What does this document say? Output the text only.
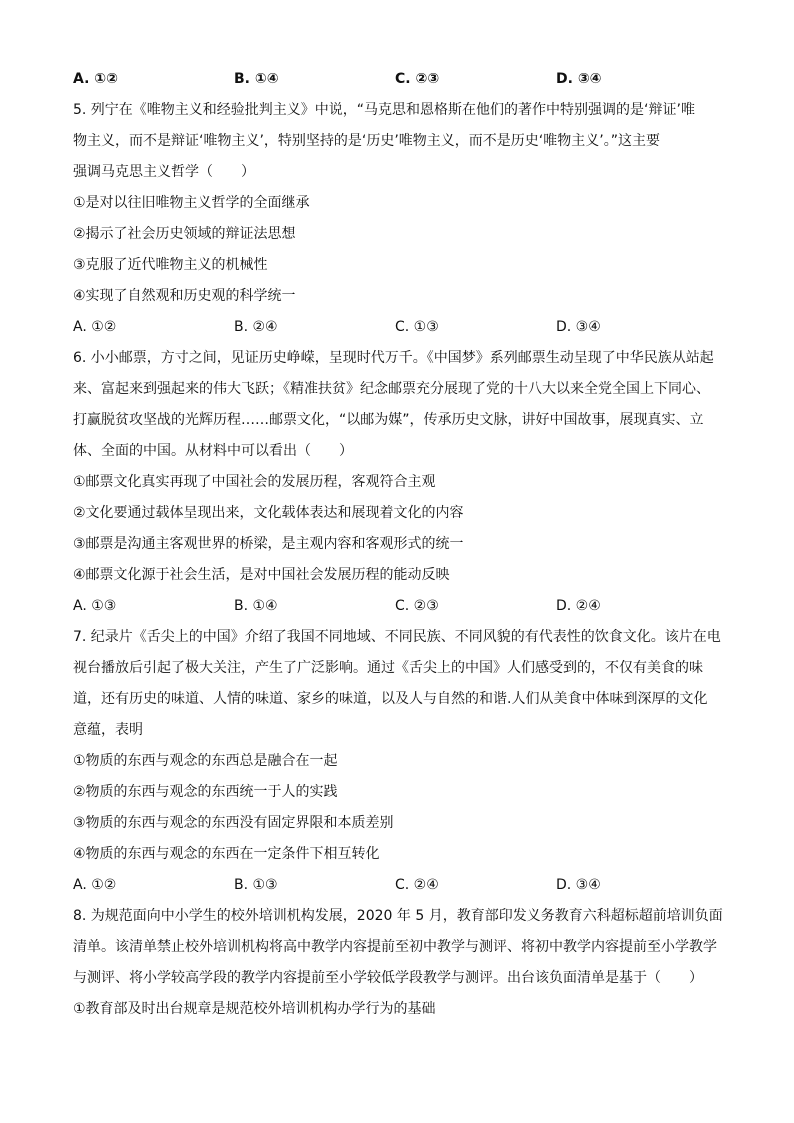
A. ①②	B. ①④	C. ②③	D. ③④
5. 列宁在《唯物主义和经验批判主义》中说，“马克思和恩格斯在他们的著作中特别强调的是‘辩证’唯
物主义，而不是辩证‘唯物主义’，特别坚持的是‘历史’唯物主义，而不是历史‘唯物主义’。”这主要
强调马克思主义哲学（　　）
①是对以往旧唯物主义哲学的全面继承
②揭示了社会历史领域的辩证法思想
③克服了近代唯物主义的机械性
④实现了自然观和历史观的科学统一
A. ①②	B. ②④	C. ①③	D. ③④
6. 小小邮票，方寸之间，见证历史峥嵘，呈现时代万千。《中国梦》系列邮票生动呈现了中华民族从站起
来、富起来到强起来的伟大飞跃；《精准扶贫》纪念邮票充分展现了党的十八大以来全党全国上下同心、
打赢脱贫攻坚战的光辉历程……邮票文化，“以邮为媒”，传承历史文脉，讲好中国故事，展现真实、立
体、全面的中国。从材料中可以看出（　　）
①邮票文化真实再现了中国社会的发展历程，客观符合主观
②文化要通过载体呈现出来，文化载体表达和展现着文化的内容
③邮票是沟通主客观世界的桥梁，是主观内容和客观形式的统一
④邮票文化源于社会生活，是对中国社会发展历程的能动反映
A. ①③	B. ①④	C. ②③	D. ②④
7. 纪录片《舌尖上的中国》介绍了我国不同地域、不同民族、不同风貌的有代表性的饮食文化。该片在电
视台播放后引起了极大关注，产生了广泛影响。通过《舌尖上的中国》人们感受到的，不仅有美食的味
道，还有历史的味道、人情的味道、家乡的味道，以及人与自然的和谐.人们从美食中体味到深厚的文化
意蕴，表明
①物质的东西与观念的东西总是融合在一起
②物质的东西与观念的东西统一于人的实践
③物质的东西与观念的东西没有固定界限和本质差别
④物质的东西与观念的东西在一定条件下相互转化
A. ①②	B. ①③	C. ②④	D. ③④
8. 为规范面向中小学生的校外培训机构发展，2020 年 5 月，教育部印发义务教育六科超标超前培训负面
清单。该清单禁止校外培训机构将高中教学内容提前至初中教学与测评、将初中教学内容提前至小学教学
与测评、将小学较高学段的教学内容提前至小学较低学段教学与测评。出台该负面清单是基于（　　）
①教育部及时出台规章是规范校外培训机构办学行为的基础
